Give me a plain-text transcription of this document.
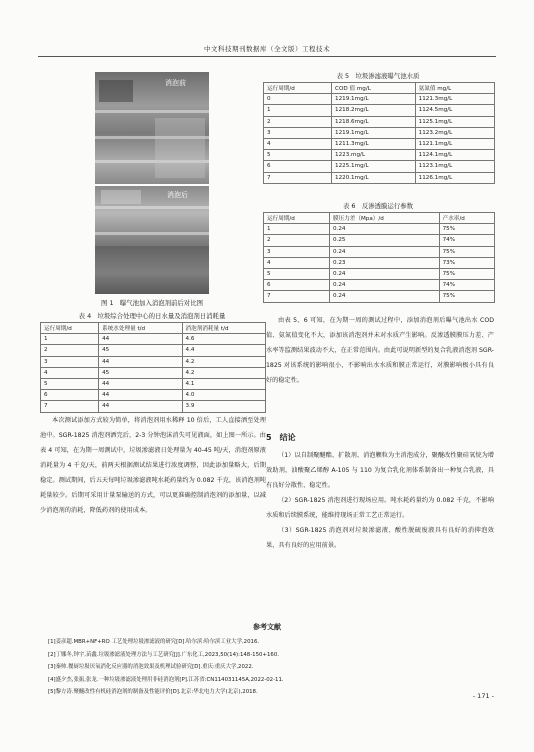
中文科技期刊数据库（全文版）工程技术
消泡前
消泡后
图 1　曝气池加入消泡剂前后对比图
表 4　垃圾综合处理中心的日水量及消泡剂日消耗量
运行周期/d	系统水处理量 t/d	消泡剂消耗量 t/d
1	44	4.6
2	45	4.4
3	44	4.2
4	45	4.2
5	44	4.1
6	44	4.0
7	44	3.9

本次测试添加方式较为简单，将消泡剂用水稀释 10 倍后，工人直接洒至处理池中。SGR-1825 消泡剂洒完后，2-3 分钟泡沫消失可见液面，如上图一所示。由表 4 可知，在为期一周测试中，垃圾渗滤液日处理量为 40-45 吨/天，消泡剂原液消耗量为 4 千克/天，前两天根据测试结果进行浓度调整，因此添加量略大，后期稳定。测试期间，后五天每吨垃圾渗滤液吨水耗药量约为 0.082 千克，该消泡剂吨耗量较少。后期可采用计量泵输送的方式，可以更准确控制消泡剂的添加量，以减少消泡剂的消耗，降低药剂的使用成本。

表 5　垃圾渗滤液曝气池水质
运行周期/d	COD 值 mg/L	氨氮值 mg/L
0	1219.1mg/L	1121.3mg/L
1	1218.2mg/L	1124.5mg/L
2	1218.6mg/L	1125.1mg/L
3	1219.1mg/L	1123.2mg/L
4	1211.3mg/L	1121.1mg/L
5	1223.mg/L	1124.1mg/L
6	1225.1mg/L	1123.1mg/L
7	1220.1mg/L	1126.1mg/L
表 6　反渗透膜运行参数
运行周期/d	膜压力差（Mpa）/d	产水率/d
1	0.24	75%
2	0.25	74%
3	0.24	75%
4	0.23	73%
5	0.24	75%
6	0.24	74%
7	0.24	75%

由表 5、6 可知，在为期一周的测试过程中，添加消泡剂后曝气池出水 COD 值、氨氮值变化不大，添加该消泡剂并未对水质产生影响。反渗透膜膜压力差、产水率等监测结果波动不大，在正常范围内。由此可说明新型的复合乳液消泡剂 SGR-1825 对该系统的影响很小，不影响出水水质和膜正常运行，对膜影响极小具有良好的稳定性。

5　结论

（1）以自制聚醚酯、扩散剂、消泡颗粒为主消泡成分，聚醚改性聚硅氧烷为增效助剂，油酸聚乙烯醇 A-105 与 110 为复合乳化剂体系制备出一种复合乳液，具有良好分散性、稳定性。

（2）SGR-1825 消泡剂进行现场应用。吨水耗药量约为 0.082 千克，不影响水质和后续膜系统，能维持现场正常工艺正常运行。

（3）SGR-1825 消泡剂对垃圾渗滤液、酸性脱硫废液具有良好的消抑泡效果，具有良好的应用前景。

参考文献
[1]姜彦超.MBR+NF+RO 工艺处理垃圾渗滤液的研究[D].哈尔滨:哈尔滨工业大学,2016.
[2]丁娜冬,钟宇,苗鑫.垃圾渗滤液处理方法与工艺研究[J].广东化工,2023,50(14):148-150+160.
[3]秦帅.餐厨垃圾厌氧消化反应器的消泡效果及机理试验研究[D].重庆:重庆大学,2022.
[4]盛夕杰,张振,张龙.一种垃圾渗滤液处理用非硅消泡剂[P].江苏省:CN114031145A,2022-02-11.
[5]黎方涛.聚醚改性有机硅消泡剂的制备及性能评价[D].北京:华北电力大学(北京),2018.	- 171 -
